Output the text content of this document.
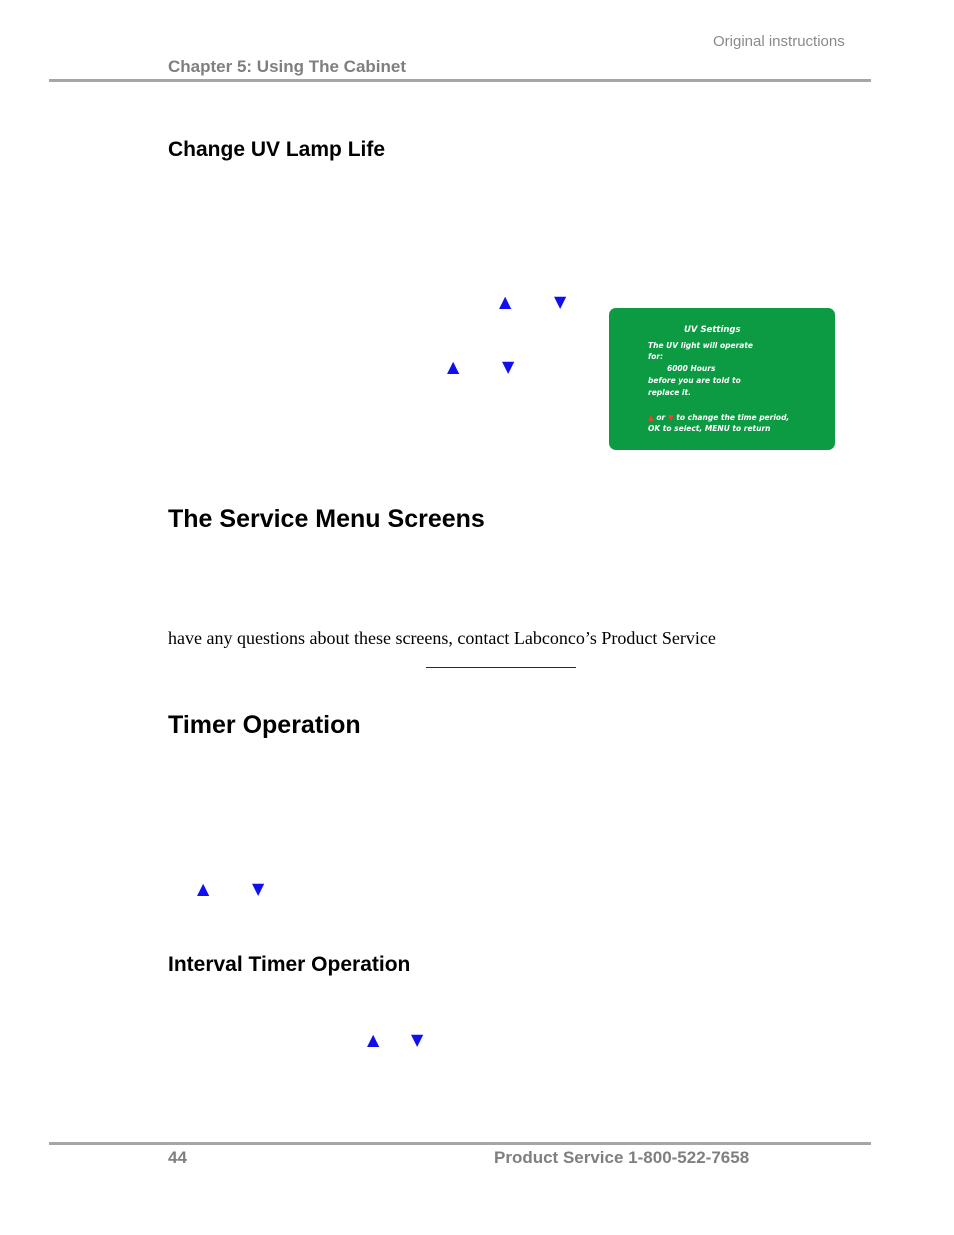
Original instructions
Chapter 5: Using The Cabinet
Change UV Lamp Life
▲	▼
▲	▼
UV Settings
The UV light will operate
for:
6000 Hours
before you are told to
replace it.
▲ or ▼ to change the time period,
OK to select, MENU to return
The Service Menu Screens
have any questions about these screens, contact Labconco’s Product Service
Timer Operation
▲	▼
Interval Timer Operation
▲ ▼
44	Product Service 1-800-522-7658
